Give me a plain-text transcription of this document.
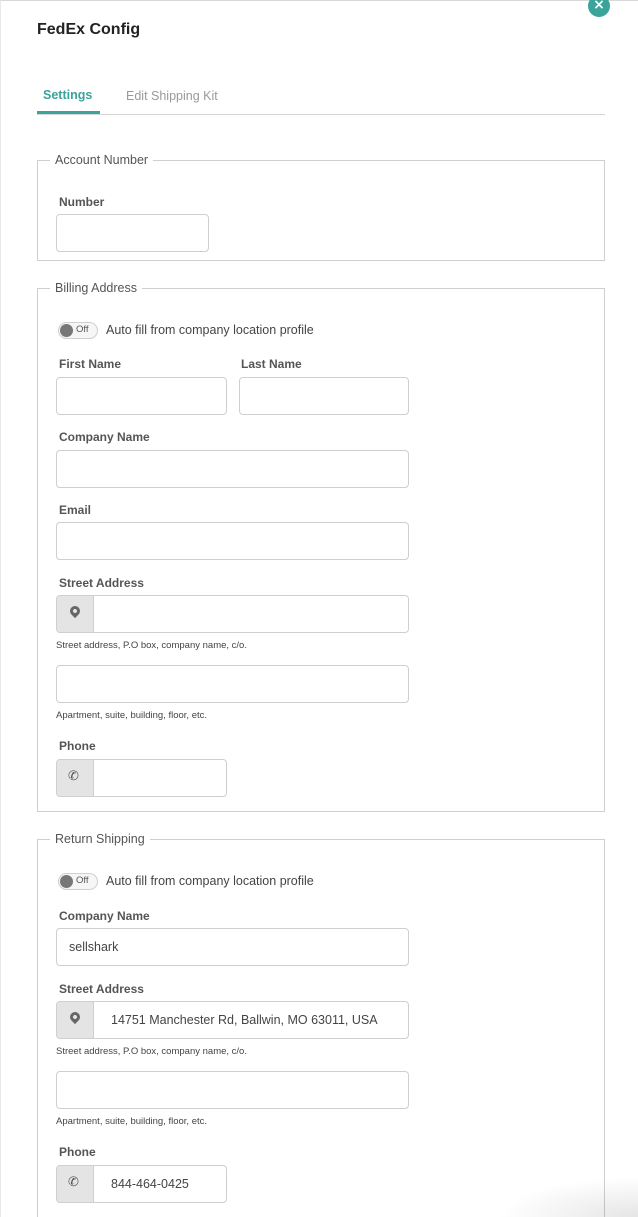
×
FedEx Config
Settings	Edit Shipping Kit
Account Number
Number
Billing Address
Off Auto fill from company location profile
First Name	Last Name
Company Name
Email
Street Address
Street address, P.O box, company name, c/o.
Apartment, suite, building, floor, etc.
Phone
✆
Return Shipping
Off Auto fill from company location profile
Company Name
sellshark
Street Address
14751 Manchester Rd, Ballwin, MO 63011, USA
Street address, P.O box, company name, c/o.
Apartment, suite, building, floor, etc.
Phone
✆	844-464-0425
